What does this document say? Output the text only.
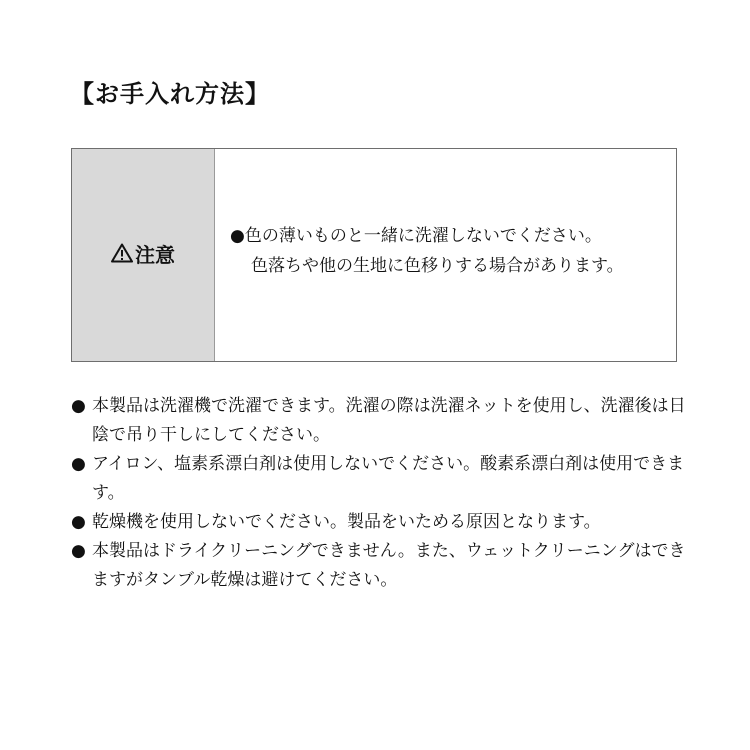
【お手入れ方法】
注意
●色の薄いものと一緒に洗濯しないでください。
色落ちや他の生地に色移りする場合があります。
● 本製品は洗濯機で洗濯できます。洗濯の際は洗濯ネットを使用し、洗濯後は日陰で吊り干しにしてください。
● アイロン、塩素系漂白剤は使用しないでください。酸素系漂白剤は使用できます。
● 乾燥機を使用しないでください。製品をいためる原因となります。
● 本製品はドライクリーニングできません。また、ウェットクリーニングはできますがタンブル乾燥は避けてください。
